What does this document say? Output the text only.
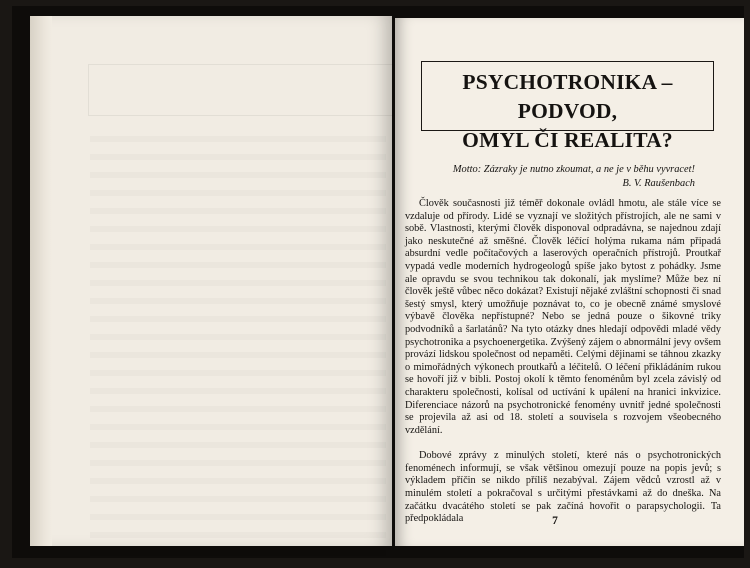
PSYCHOTRONIKA – PODVOD,
OMYL ČI REALITA?
Motto: Zázraky je nutno zkoumat, a ne je v běhu vyvracet!
B. V. Raušenbach

Člověk současnosti již téměř dokonale ovládl hmotu, ale stále více se vzdaluje od přírody. Lidé se vyznají ve složitých přístrojích, ale ne sami v sobě. Vlastnosti, kterými člověk disponoval odpradávna, se najednou zdají jako neskutečné až směšné. Člověk léčící holýma rukama nám připadá absurdní vedle počítačových a laserových operačních přístrojů. Proutkař vypadá vedle moderních hydrogeologů spíše jako bytost z pohádky. Jsme ale opravdu se svou technikou tak dokonalí, jak myslíme? Může bez ní člověk ještě vůbec něco dokázat? Existují nějaké zvláštní schopnosti či snad šestý smysl, který umožňuje poznávat to, co je obecně známé smyslové výbavě člověka nepřístupné? Nebo se jedná pouze o šikovné triky podvodníků a šarlatánů? Na tyto otázky dnes hledají odpovědi mladé vědy psychotronika a psychoenergetika. Zvýšený zájem o abnormální jevy ovšem provází lidskou společnost od nepaměti. Celými dějinami se táhnou zkazky o mimořádných výkonech proutkařů a léčitelů. O léčení přikládáním rukou se hovoří již v bibli. Postoj okolí k těmto fenoménům byl zcela závislý od charakteru společnosti, kolísal od uctívání k upálení na hranici inkvizice. Diferenciace názorů na psychotronické fenomény uvnitř jedné společnosti se projevila až asi od 18. století a souvisela s rozvojem všeobecného vzdělání.

Dobové zprávy z minulých století, které nás o psychotronických fenoménech informují, se však většinou omezují pouze na popis jevů; s výkladem příčin se nikdo příliš nezabýval. Zájem vědců vzrostl až v minulém století a pokračoval s určitými přestávkami až do dneška. Na začátku dvacátého století se pak začíná hovořit o parapsychologii. Ta předpokládala	7
